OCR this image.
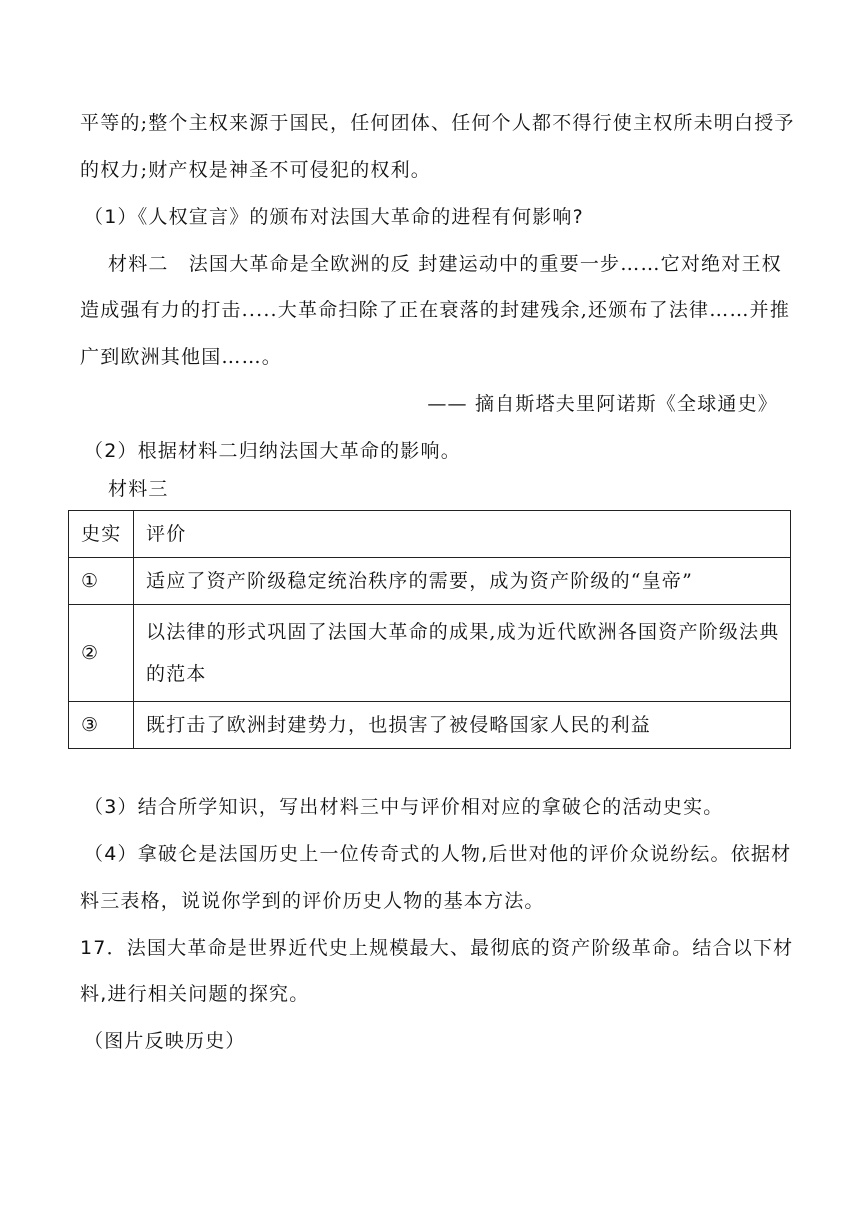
平等的;整个主权来源于国民，任何团体、任何个人都不得行使主权所未明白授予
的权力;财产权是神圣不可侵犯的权利。
（1）《人权宣言》的颁布对法国大革命的进程有何影响?
材料二　法国大革命是全欧洲的反 封建运动中的重要一步……它对绝对王权
造成强有力的打击.....大革命扫除了正在衰落的封建残余,还颁布了法律……并推
广到欧洲其他国……。
—— 摘自斯塔夫里阿诺斯《全球通史》
（2）根据材料二归纳法国大革命的影响。
材料三
史实	评价
①	适应了资产阶级稳定统治秩序的需要，成为资产阶级的“皇帝”
②	以法律的形式巩固了法国大革命的成果,成为近代欧洲各国资产阶级法典的范本
③	既打击了欧洲封建势力，也损害了被侵略国家人民的利益
（3）结合所学知识，写出材料三中与评价相对应的拿破仑的活动史实。
（4）拿破仑是法国历史上一位传奇式的人物,后世对他的评价众说纷纭。依据材
料三表格，说说你学到的评价历史人物的基本方法。
17．法国大革命是世界近代史上规模最大、最彻底的资产阶级革命。结合以下材
料,进行相关问题的探究。
（图片反映历史）
